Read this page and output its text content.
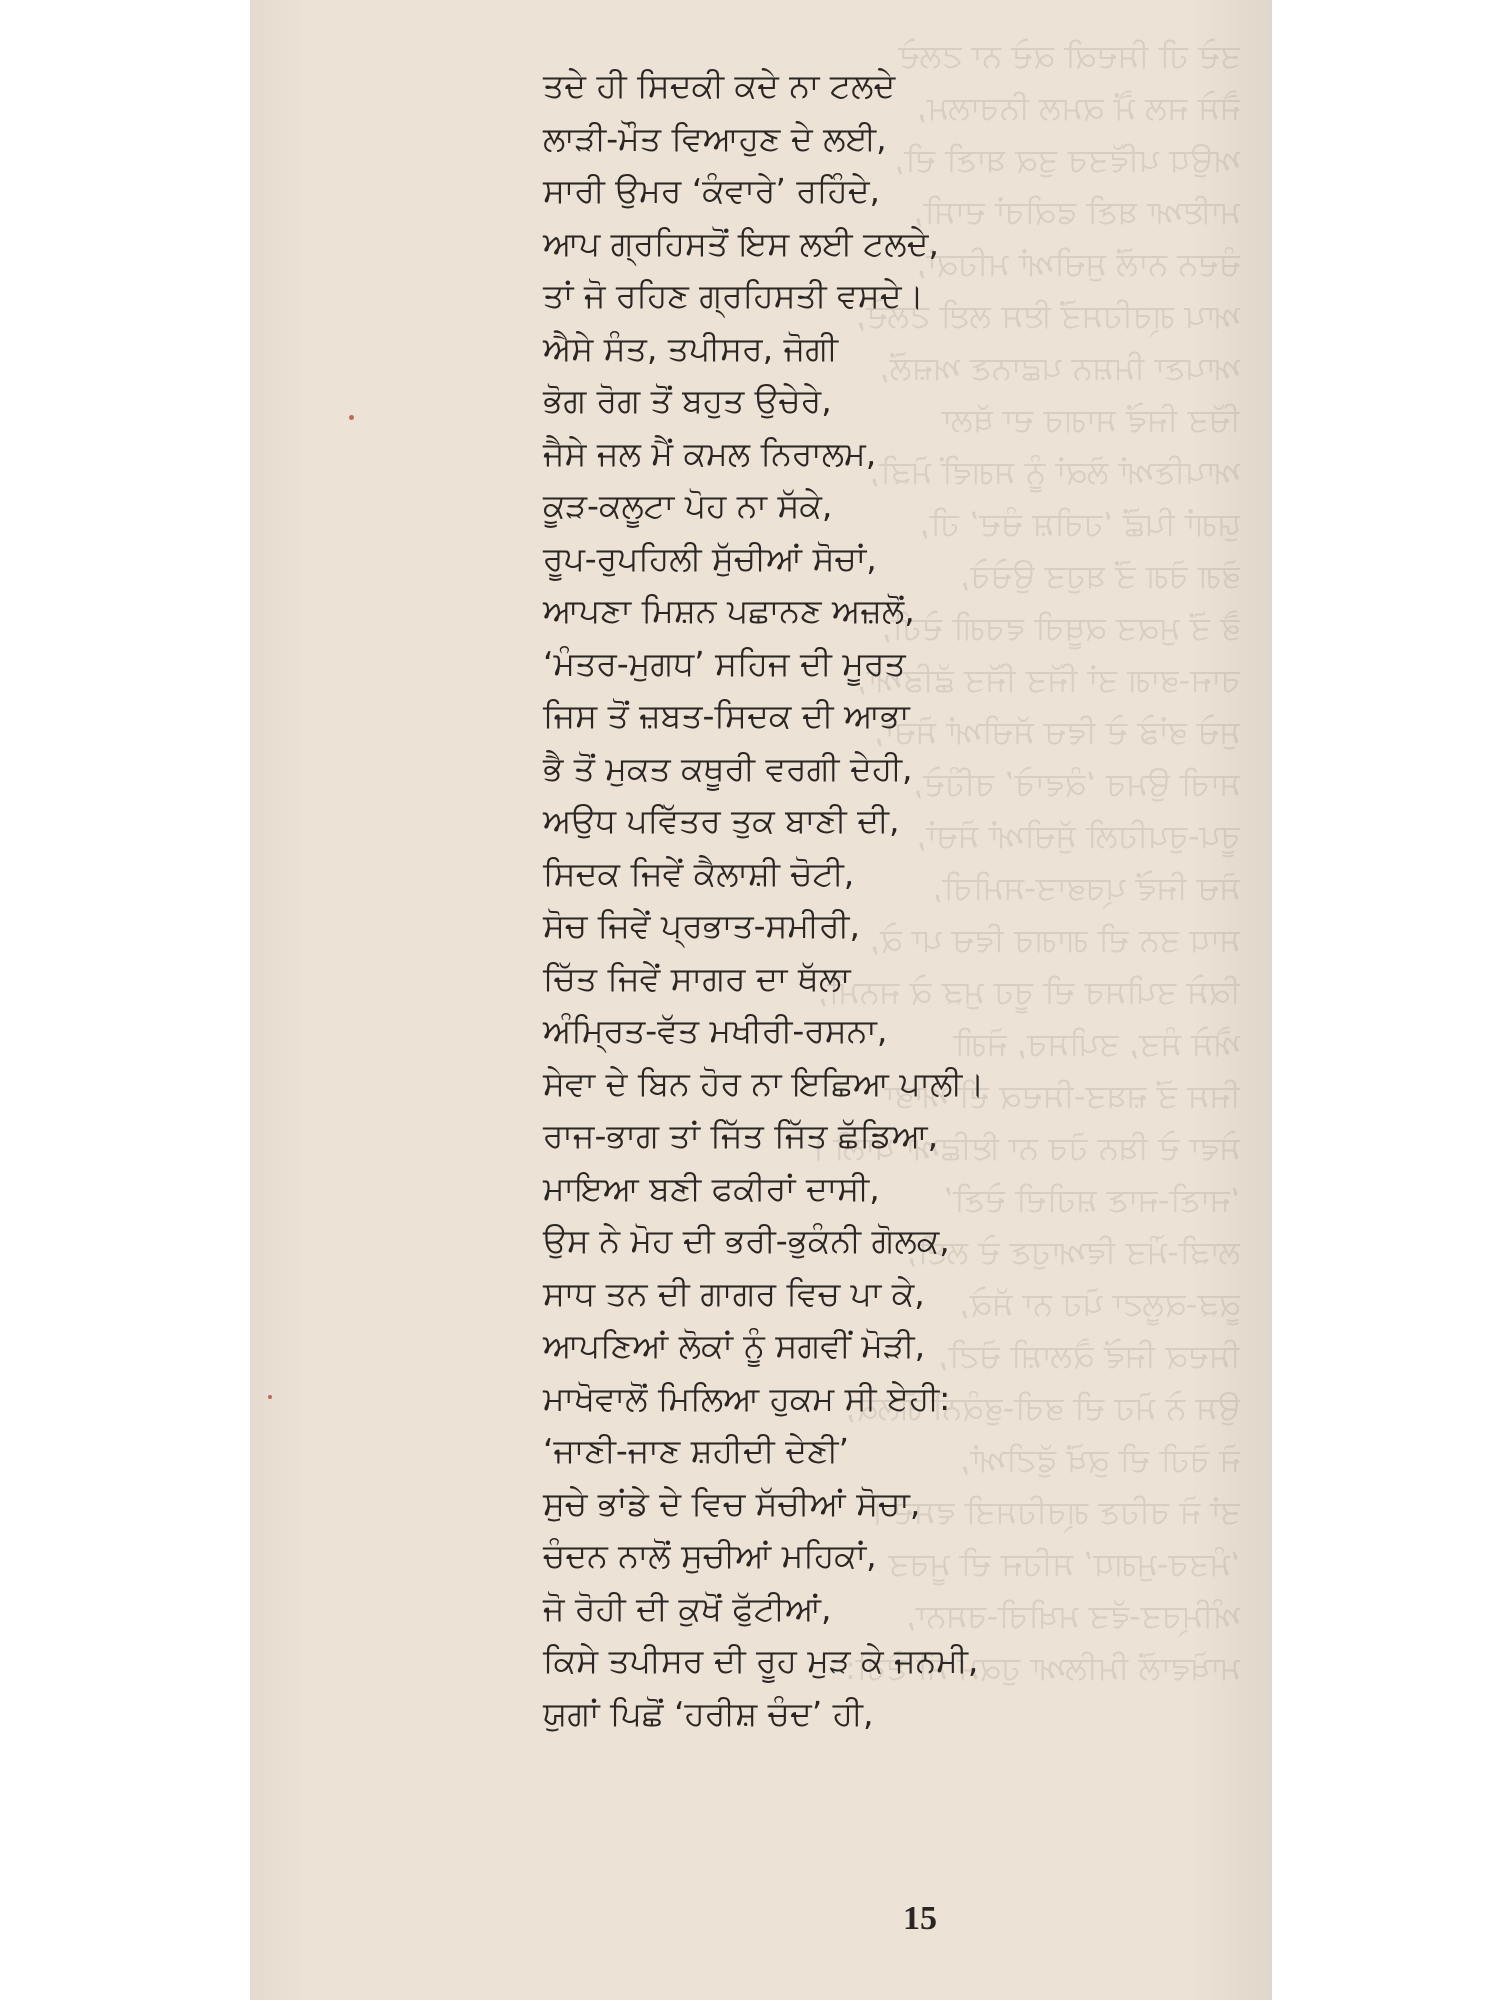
ਤਦੇ ਹੀ ਸਿਦਕੀ ਕਦੇ ਨਾ ਟਲਦੇ
ਜੈਸੇ ਜਲ ਮੈਂ ਕਮਲ ਨਿਰਾਲਮ,
ਅਉਧ ਪਵਿੱਤਰ ਤੁਕ ਬਾਣੀ ਦੀ,
ਮਾਇਆ ਬਣੀ ਫਕੀਰਾਂ ਦਾਸੀ,
ਚੰਦਨ ਨਾਲੋਂ ਸੁਚੀਆਂ ਮਹਿਕਾਂ,
ਆਪ ਗ੍ਰਹਿਸਤੋਂ ਇਸ ਲਈ ਟਲਦੇ,
ਆਪਣਾ ਮਿਸ਼ਨ ਪਛਾਨਣ ਅਜ਼ਲੋਂ,
ਚਿੱਤ ਜਿਵੇਂ ਸਾਗਰ ਦਾ ਥੱਲਾ
ਆਪਣਿਆਂ ਲੋਕਾਂ ਨੂੰ ਸਗਵੀਂ ਮੋੜੀ,
ਯੁਗਾਂ ਪਿਛੋਂ ‘ਹਰੀਸ਼ ਚੰਦ’ ਹੀ,
ਭੋਗ ਰੋਗ ਤੋਂ ਬਹੁਤ ਉਚੇਰੇ,
ਭੈ ਤੋਂ ਮੁਕਤ ਕਥੂਰੀ ਵਰਗੀ ਦੇਹੀ,
ਰਾਜ-ਭਾਗ ਤਾਂ ਜਿੱਤ ਜਿੱਤ ਛੱਡਿਆ,
ਸੁਚੇ ਭਾਂਡੇ ਦੇ ਵਿਚ ਸੱਚੀਆਂ ਸੋਚਾ,
ਸਾਰੀ ਉਮਰ ‘ਕੰਵਾਰੇ’ ਰਹਿੰਦੇ,
ਰੂਪ-ਰੁਪਹਿਲੀ ਸੁੱਚੀਆਂ ਸੋਚਾਂ,
ਸੋਚ ਜਿਵੇਂ ਪ੍ਰਭਾਤ-ਸਮੀਰੀ,
ਸਾਧ ਤਨ ਦੀ ਗਾਗਰ ਵਿਚ ਪਾ ਕੇ,
ਕਿਸੇ ਤਪੀਸਰ ਦੀ ਰੂਹ ਮੁੜ ਕੇ ਜਨਮੀ,
ਐਸੇ ਸੰਤ, ਤਪੀਸਰ, ਜੋਗੀ
ਜਿਸ ਤੋਂ ਜ਼ਬਤ-ਸਿਦਕ ਦੀ ਆਭਾ
ਸੇਵਾ ਦੇ ਬਿਨ ਹੋਰ ਨਾ ਇਛਿਆ ਪਾਲੀ।
‘ਜਾਣੀ-ਜਾਣ ਸ਼ਹੀਦੀ ਦੇਣੀ’
ਲਾੜੀ-ਮੌਤ ਵਿਆਹੁਣ ਦੇ ਲਈ,
ਕੂੜ-ਕਲੂਟਾ ਪੋਹ ਨਾ ਸੱਕੇ,
ਸਿਦਕ ਜਿਵੇਂ ਕੈਲਾਸ਼ੀ ਚੋਟੀ,
ਉਸ ਨੇ ਮੋਹ ਦੀ ਭਰੀ-ਭੁਕੰਨੀ ਗੋਲਕ,
ਜੋ ਰੋਹੀ ਦੀ ਕੁਖੋਂ ਫੁੱਟੀਆਂ,
ਤਾਂ ਜੋ ਰਹਿਣ ਗ੍ਰਹਿਸਤੀ ਵਸਦੇ।
‘ਮੰਤਰ-ਮੁਗਧ’ ਸਹਿਜ ਦੀ ਮੂਰਤ
ਅੰਮ੍ਰਿਤ-ਵੱਤ ਮਖੀਰੀ-ਰਸਨਾ,
ਮਾਖੋਵਾਲੋਂ ਮਿਲਿਆ ਹੁਕਮ ਸੀ ਏਹੀ:
ਤਦੇ ਹੀ ਸਿਦਕੀ ਕਦੇ ਨਾ ਟਲਦੇ
ਲਾੜੀ-ਮੌਤ ਵਿਆਹੁਣ ਦੇ ਲਈ,
ਸਾਰੀ ਉਮਰ ‘ਕੰਵਾਰੇ’ ਰਹਿੰਦੇ,
ਆਪ ਗ੍ਰਹਿਸਤੋਂ ਇਸ ਲਈ ਟਲਦੇ,
ਤਾਂ ਜੋ ਰਹਿਣ ਗ੍ਰਹਿਸਤੀ ਵਸਦੇ।
ਐਸੇ ਸੰਤ, ਤਪੀਸਰ, ਜੋਗੀ
ਭੋਗ ਰੋਗ ਤੋਂ ਬਹੁਤ ਉਚੇਰੇ,
ਜੈਸੇ ਜਲ ਮੈਂ ਕਮਲ ਨਿਰਾਲਮ,
ਕੂੜ-ਕਲੂਟਾ ਪੋਹ ਨਾ ਸੱਕੇ,
ਰੂਪ-ਰੁਪਹਿਲੀ ਸੁੱਚੀਆਂ ਸੋਚਾਂ,
ਆਪਣਾ ਮਿਸ਼ਨ ਪਛਾਨਣ ਅਜ਼ਲੋਂ,
‘ਮੰਤਰ-ਮੁਗਧ’ ਸਹਿਜ ਦੀ ਮੂਰਤ
ਜਿਸ ਤੋਂ ਜ਼ਬਤ-ਸਿਦਕ ਦੀ ਆਭਾ
ਭੈ ਤੋਂ ਮੁਕਤ ਕਥੂਰੀ ਵਰਗੀ ਦੇਹੀ,
ਅਉਧ ਪਵਿੱਤਰ ਤੁਕ ਬਾਣੀ ਦੀ,
ਸਿਦਕ ਜਿਵੇਂ ਕੈਲਾਸ਼ੀ ਚੋਟੀ,
ਸੋਚ ਜਿਵੇਂ ਪ੍ਰਭਾਤ-ਸਮੀਰੀ,
ਚਿੱਤ ਜਿਵੇਂ ਸਾਗਰ ਦਾ ਥੱਲਾ
ਅੰਮ੍ਰਿਤ-ਵੱਤ ਮਖੀਰੀ-ਰਸਨਾ,
ਸੇਵਾ ਦੇ ਬਿਨ ਹੋਰ ਨਾ ਇਛਿਆ ਪਾਲੀ।
ਰਾਜ-ਭਾਗ ਤਾਂ ਜਿੱਤ ਜਿੱਤ ਛੱਡਿਆ,
ਮਾਇਆ ਬਣੀ ਫਕੀਰਾਂ ਦਾਸੀ,
ਉਸ ਨੇ ਮੋਹ ਦੀ ਭਰੀ-ਭੁਕੰਨੀ ਗੋਲਕ,
ਸਾਧ ਤਨ ਦੀ ਗਾਗਰ ਵਿਚ ਪਾ ਕੇ,
ਆਪਣਿਆਂ ਲੋਕਾਂ ਨੂੰ ਸਗਵੀਂ ਮੋੜੀ,
ਮਾਖੋਵਾਲੋਂ ਮਿਲਿਆ ਹੁਕਮ ਸੀ ਏਹੀ:
‘ਜਾਣੀ-ਜਾਣ ਸ਼ਹੀਦੀ ਦੇਣੀ’
ਸੁਚੇ ਭਾਂਡੇ ਦੇ ਵਿਚ ਸੱਚੀਆਂ ਸੋਚਾ,
ਚੰਦਨ ਨਾਲੋਂ ਸੁਚੀਆਂ ਮਹਿਕਾਂ,
ਜੋ ਰੋਹੀ ਦੀ ਕੁਖੋਂ ਫੁੱਟੀਆਂ,
ਕਿਸੇ ਤਪੀਸਰ ਦੀ ਰੂਹ ਮੁੜ ਕੇ ਜਨਮੀ,
ਯੁਗਾਂ ਪਿਛੋਂ ‘ਹਰੀਸ਼ ਚੰਦ’ ਹੀ,
15
